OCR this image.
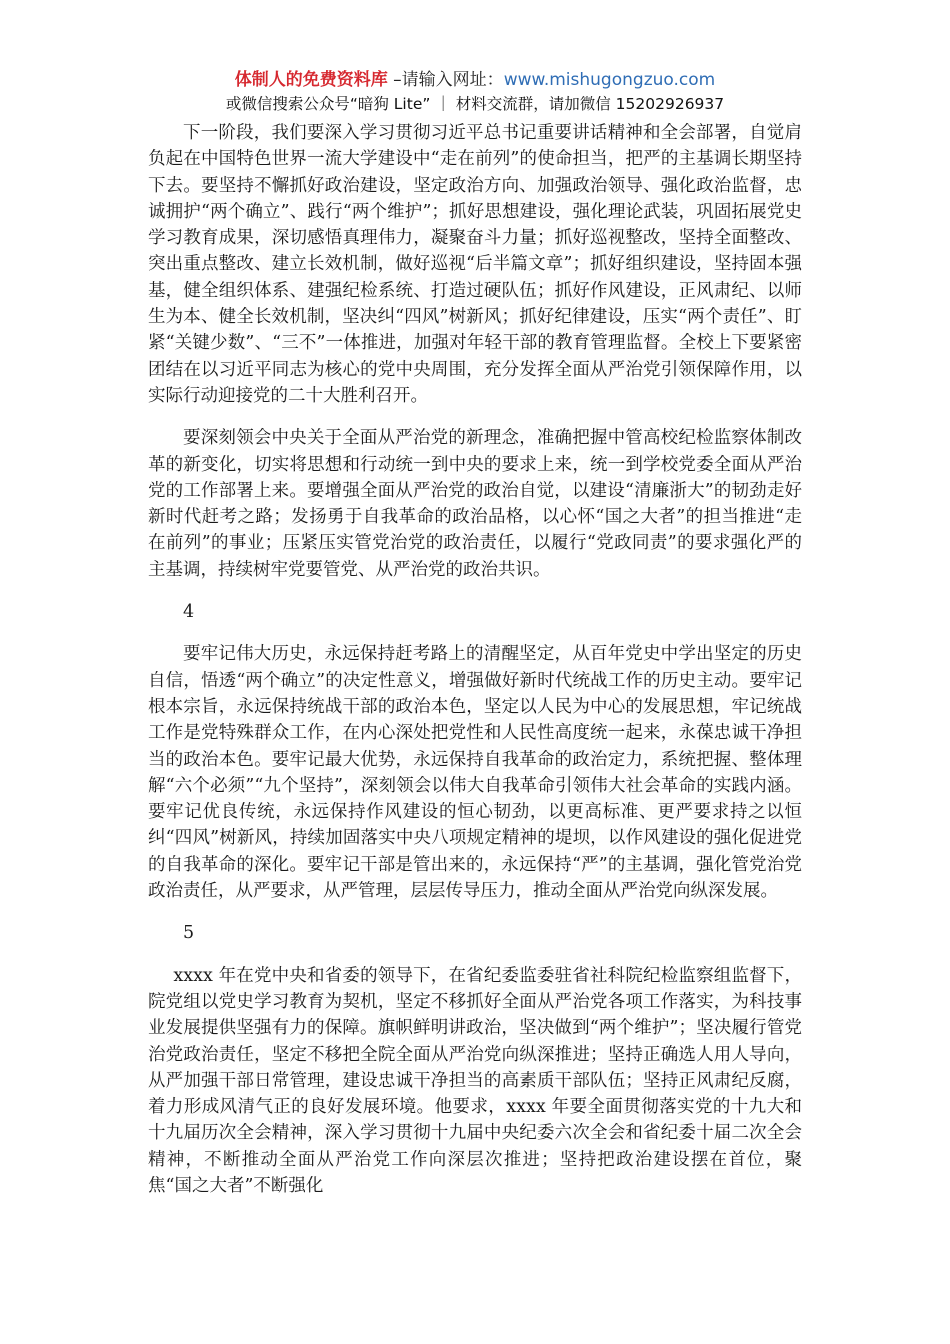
体制人的免费资料库 –请输入网址：www.mishugongzuo.com
或微信搜索公众号“暗狗 Lite” ｜ 材料交流群，请加微信 15202926937

下一阶段，我们要深入学习贯彻习近平总书记重要讲话精神和全会部署，自觉肩负起在中国特色世界一流大学建设中“走在前列”的使命担当，把严的主基调长期坚持下去。要坚持不懈抓好政治建设，坚定政治方向、加强政治领导、强化政治监督，忠诚拥护“两个确立”、践行“两个维护”；抓好思想建设，强化理论武装，巩固拓展党史学习教育成果，深切感悟真理伟力，凝聚奋斗力量；抓好巡视整改，坚持全面整改、突出重点整改、建立长效机制，做好巡视“后半篇文章”；抓好组织建设，坚持固本强基，健全组织体系、建强纪检系统、打造过硬队伍；抓好作风建设，正风肃纪、以师生为本、健全长效机制，坚决纠“四风”树新风；抓好纪律建设，压实“两个责任”、盯紧“关键少数”、“三不”一体推进，加强对年轻干部的教育管理监督。全校上下要紧密团结在以习近平同志为核心的党中央周围，充分发挥全面从严治党引领保障作用，以实际行动迎接党的二十大胜利召开。

要深刻领会中央关于全面从严治党的新理念，准确把握中管高校纪检监察体制改革的新变化，切实将思想和行动统一到中央的要求上来，统一到学校党委全面从严治党的工作部署上来。要增强全面从严治党的政治自觉，以建设“清廉浙大”的韧劲走好新时代赶考之路；发扬勇于自我革命的政治品格，以心怀“国之大者”的担当推进“走在前列”的事业；压紧压实管党治党的政治责任，以履行“党政同责”的要求强化严的主基调，持续树牢党要管党、从严治党的政治共识。

4

要牢记伟大历史，永远保持赶考路上的清醒坚定，从百年党史中学出坚定的历史自信，悟透“两个确立”的决定性意义，增强做好新时代统战工作的历史主动。要牢记根本宗旨，永远保持统战干部的政治本色，坚定以人民为中心的发展思想，牢记统战工作是党特殊群众工作，在内心深处把党性和人民性高度统一起来，永葆忠诚干净担当的政治本色。要牢记最大优势，永远保持自我革命的政治定力，系统把握、整体理解“六个必须”“九个坚持”，深刻领会以伟大自我革命引领伟大社会革命的实践内涵。要牢记优良传统，永远保持作风建设的恒心韧劲，以更高标准、更严要求持之以恒纠“四风”树新风，持续加固落实中央八项规定精神的堤坝，以作风建设的强化促进党的自我革命的深化。要牢记干部是管出来的，永远保持“严”的主基调，强化管党治党政治责任，从严要求，从严管理，层层传导压力，推动全面从严治党向纵深发展。

5

xxxx 年在党中央和省委的领导下，在省纪委监委驻省社科院纪检监察组监督下，院党组以党史学习教育为契机，坚定不移抓好全面从严治党各项工作落实，为科技事业发展提供坚强有力的保障。旗帜鲜明讲政治，坚决做到“两个维护”；坚决履行管党治党政治责任，坚定不移把全院全面从严治党向纵深推进；坚持正确选人用人导向，从严加强干部日常管理，建设忠诚干净担当的高素质干部队伍；坚持正风肃纪反腐，着力形成风清气正的良好发展环境。他要求，xxxx 年要全面贯彻落实党的十九大和十九届历次全会精神，深入学习贯彻十九届中央纪委六次全会和省纪委十届二次全会精神，不断推动全面从严治党工作向深层次推进；坚持把政治建设摆在首位，聚焦“国之大者”不断强化
